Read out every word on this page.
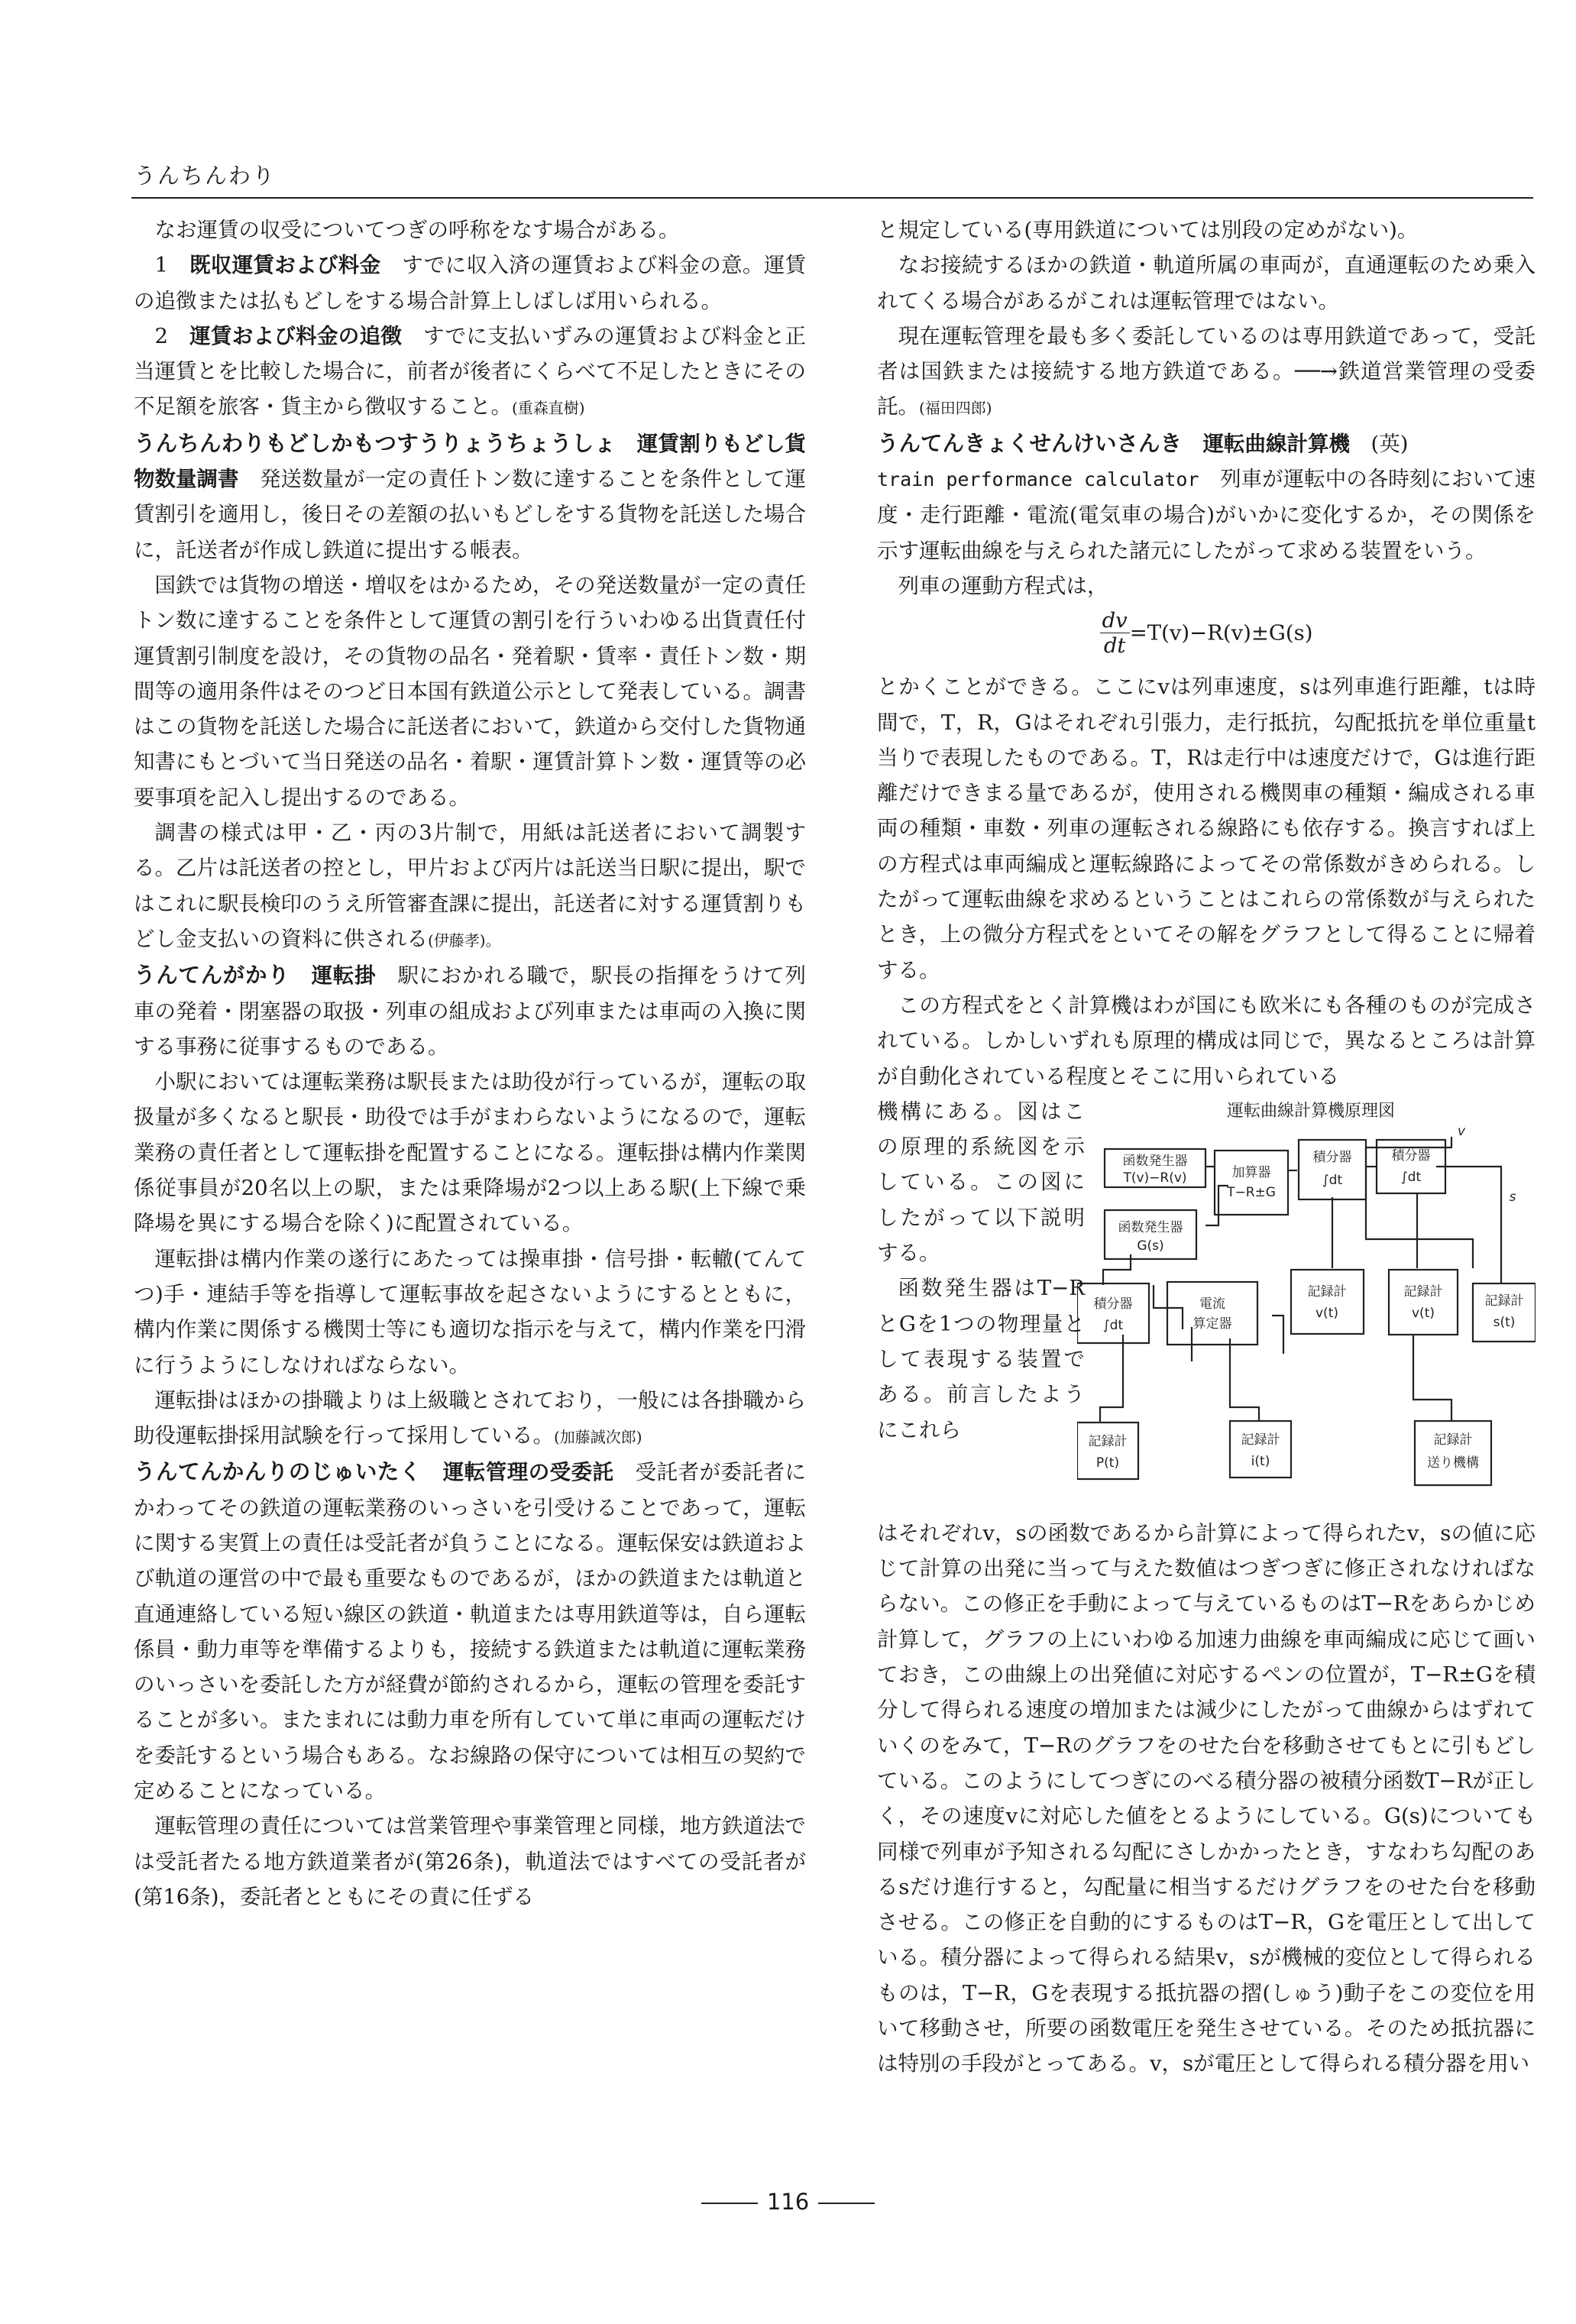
うんちんわり

なお運賃の収受についてつぎの呼称をなす場合がある。

1　 既収運賃および料金　 すでに収入済の運賃および料金の意。運賃の追徴または払もどしをする場合計算上しばしば用いられる。

2　 運賃および料金の追徴　 すでに支払いずみの運賃および料金と正当運賃とを比較した場合に，前者が後者にくらべて不足したときにその不足額を旅客・貨主から徴収すること。(重森直樹)

うんちんわりもどしかもつすうりょうちょうしょ　 運賃割りもどし貨物数量調書　 発送数量が一定の責任トン数に達することを条件として運賃割引を適用し，後日その差額の払いもどしをする貨物を託送した場合に，託送者が作成し鉄道に提出する帳表。

国鉄では貨物の増送・増収をはかるため，その発送数量が一定の責任トン数に達することを条件として運賃の割引を行ういわゆる出貨責任付運賃割引制度を設け，その貨物の品名・発着駅・賃率・責任トン数・期間等の適用条件はそのつど日本国有鉄道公示として発表している。調書はこの貨物を託送した場合に託送者において，鉄道から交付した貨物通知書にもとづいて当日発送の品名・着駅・運賃計算トン数・運賃等の必要事項を記入し提出するのである。

調書の様式は甲・乙・丙の3片制で，用紙は託送者において調製する。乙片は託送者の控とし，甲片および丙片は託送当日駅に提出，駅ではこれに駅長検印のうえ所管審査課に提出，託送者に対する運賃割りもどし金支払いの資料に供される(伊藤孝)。

うんてんがかり　 運転掛　 駅におかれる職で，駅長の指揮をうけて列車の発着・閉塞器の取扱・列車の組成および列車または車両の入換に関する事務に従事するものである。

小駅においては運転業務は駅長または助役が行っているが，運転の取扱量が多くなると駅長・助役では手がまわらないようになるので，運転業務の責任者として運転掛を配置することになる。運転掛は構内作業関係従事員が20名以上の駅，または乗降場が2つ以上ある駅(上下線で乗降場を異にする場合を除く)に配置されている。

運転掛は構内作業の遂行にあたっては操車掛・信号掛・転轍(てんてつ)手・連結手等を指導して運転事故を起さないようにするとともに，構内作業に関係する機関士等にも適切な指示を与えて，構内作業を円滑に行うようにしなければならない。

運転掛はほかの掛職よりは上級職とされており，一般には各掛職から助役運転掛採用試験を行って採用している。(加藤誠次郎)

うんてんかんりのじゅいたく　 運転管理の受委託　 受託者が委託者にかわってその鉄道の運転業務のいっさいを引受けることであって，運転に関する実質上の責任は受託者が負うことになる。運転保安は鉄道および軌道の運営の中で最も重要なものであるが，ほかの鉄道または軌道と直通連絡している短い線区の鉄道・軌道または専用鉄道等は，自ら運転係員・動力車等を準備するよりも，接続する鉄道または軌道に運転業務のいっさいを委託した方が経費が節約されるから，運転の管理を委託することが多い。またまれには動力車を所有していて単に車両の運転だけを委託するという場合もある。なお線路の保守については相互の契約で定めることになっている。

運転管理の責任については営業管理や事業管理と同様，地方鉄道法では受託者たる地方鉄道業者が(第26条)，軌道法ではすべての受託者が(第16条)，委託者とともにその責に任ずる

と規定している(専用鉄道については別段の定めがない)。

なお接続するほかの鉄道・軌道所属の車両が，直通運転のため乗入れてくる場合があるがこれは運転管理ではない。

現在運転管理を最も多く委託しているのは専用鉄道であって，受託者は国鉄または接続する地方鉄道である。──→鉄道営業管理の受委託。(福田四郎)

うんてんきょくせんけいさんき　 運転曲線計算機　 (英)
train performance calculator　 列車が運転中の各時刻において速度・走行距離・電流(電気車の場合)がいかに変化するか，その関係を示す運転曲線を与えられた諸元にしたがって求める装置をいう。

列車の運動方程式は，

$\frac{dv}{dt} =T(v)-R(v)\pm G(s)$

とかくことができる。ここにvは列車速度，sは列車進行距離，tは時間で，T，R，Gはそれぞれ引張力，走行抵抗，勾配抵抗を単位重量t当りで表現したものである。T，Rは走行中は速度だけで，Gは進行距離だけできまる量であるが，使用される機関車の種類・編成される車両の種類・車数・列車の運転される線路にも依存する。換言すれば上の方程式は車両編成と運転線路によってその常係数がきめられる。したがって運転曲線を求めるということはこれらの常係数が与えられたとき，上の微分方程式をといてその解をグラフとして得ることに帰着する。

この方程式をとく計算機はわが国にも欧米にも各種のものが完成されている。しかしいずれも原理的構成は同じで，異なるところは計算が自動化されている程度とそこに用いられている

機構にある。図はこの原理的系統図を示している。この図にしたがって以下説明する。

函数発生器はT−RとGを1つの物理量として表現する装置である。前言したようにこれら

運転曲線計算機原理図
函数発生器
T(v)−R(v)
函数発生器
G(s)
加算器
T−R±G
積分器
∫dt
積分器
∫dt
積分器
∫dt
電流
算定器
記録計
v(t)
記録計
v(t)
記録計
s(t)
記録計
P(t)
記録計
i(t)
記録計
送り機構
v
s

はそれぞれv，sの函数であるから計算によって得られたv，sの値に応じて計算の出発に当って与えた数値はつぎつぎに修正されなければならない。この修正を手動によって与えているものはT−Rをあらかじめ計算して，グラフの上にいわゆる加速力曲線を車両編成に応じて画いておき，この曲線上の出発値に対応するペンの位置が，T−R±Gを積分して得られる速度の増加または減少にしたがって曲線からはずれていくのをみて，T−Rのグラフをのせた台を移動させてもとに引もどしている。このようにしてつぎにのべる積分器の被積分函数T−Rが正しく，その速度vに対応した値をとるようにしている。G(s)についても同様で列車が予知される勾配にさしかかったとき，すなわち勾配のあるsだけ進行すると，勾配量に相当するだけグラフをのせた台を移動させる。この修正を自動的にするものはT−R，Gを電圧として出している。積分器によって得られる結果v，sが機械的変位として得られるものは，T−R，Gを表現する抵抗器の摺(しゅう)動子をこの変位を用いて移動させ，所要の函数電圧を発生させている。そのため抵抗器には特別の手段がとってある。v，sが電圧として得られる積分器を用い

116
